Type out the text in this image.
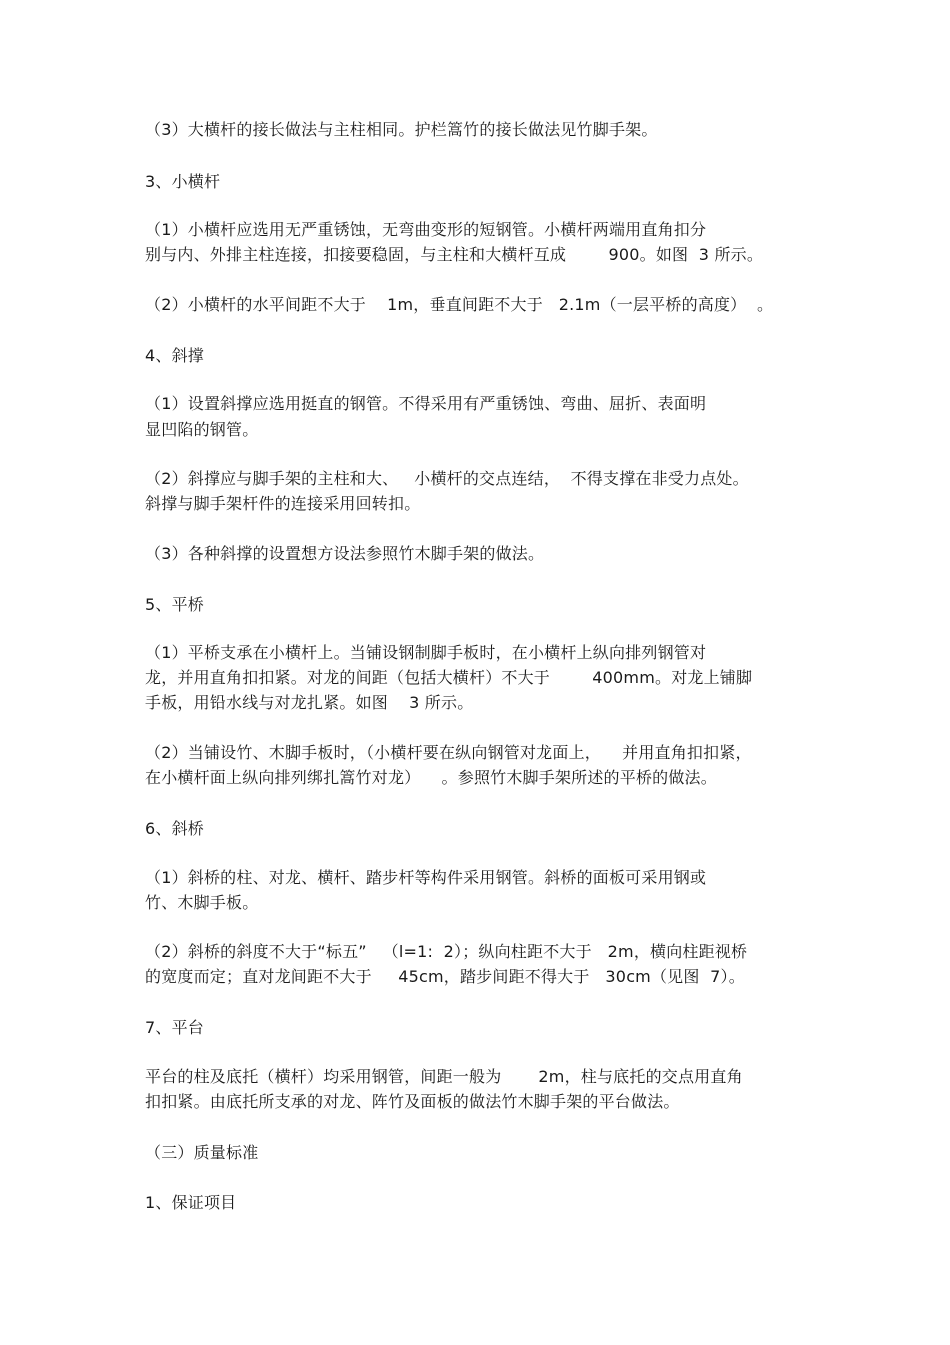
（3）大横杆的接长做法与主柱相同。护栏篙竹的接长做法见竹脚手架。
3、小横杆
（1）小横杆应选用无严重锈蚀，无弯曲变形的短钢管。小横杆两端用直角扣分
别与内、外排主柱连接，扣接要稳固，与主柱和大横杆互成        900。如图  3 所示。
（2）小横杆的水平间距不大于    1m，垂直间距不大于   2.1m（一层平桥的高度）  。
4、斜撑
（1）设置斜撑应选用挺直的钢管。不得采用有严重锈蚀、弯曲、屈折、表面明
显凹陷的钢管。
（2）斜撑应与脚手架的主柱和大、   小横杆的交点连结，  不得支撑在非受力点处。
斜撑与脚手架杆件的连接采用回转扣。
（3）各种斜撑的设置想方设法参照竹木脚手架的做法。
5、平桥
（1）平桥支承在小横杆上。当铺设钢制脚手板时，在小横杆上纵向排列钢管对
龙，并用直角扣扣紧。对龙的间距（包括大横杆）不大于        400mm。对龙上铺脚
手板，用铅水线与对龙扎紧。如图    3 所示。
（2）当铺设竹、木脚手板时，（小横杆要在纵向钢管对龙面上，    并用直角扣扣紧，
在小横杆面上纵向排列绑扎篙竹对龙）    。参照竹木脚手架所述的平桥的做法。
6、斜桥
（1）斜桥的柱、对龙、横杆、踏步杆等构件采用钢管。斜桥的面板可采用钢或
竹、木脚手板。
（2）斜桥的斜度不大于“标五”   （l=1:  2）；纵向柱距不大于   2m，横向柱距视桥
的宽度而定；直对龙间距不大于     45cm，踏步间距不得大于   30cm（见图  7）。
7、平台
平台的柱及底托（横杆）均采用钢管，间距一般为       2m，柱与底托的交点用直角
扣扣紧。由底托所支承的对龙、阵竹及面板的做法竹木脚手架的平台做法。
（三）质量标准
1、保证项目
